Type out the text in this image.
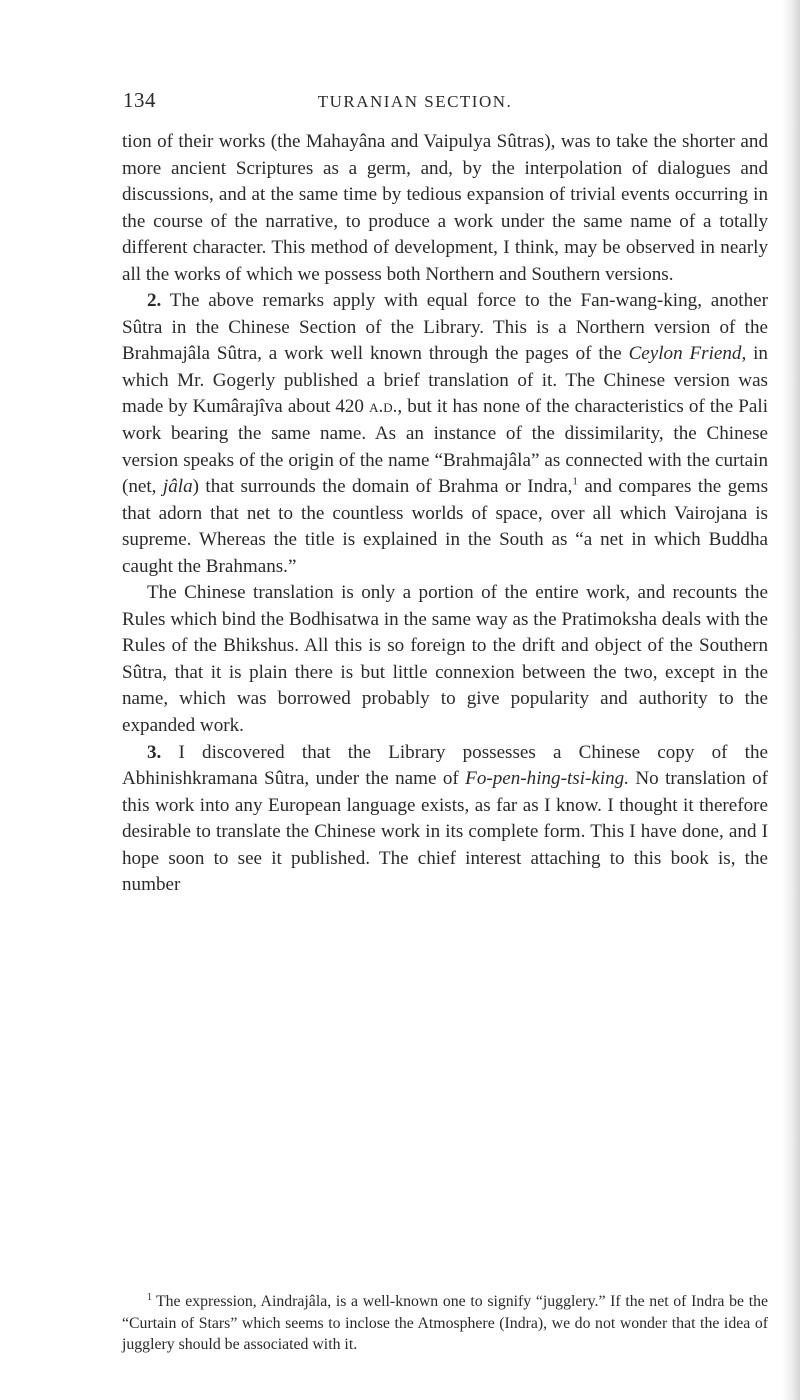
134	TURANIAN SECTION.

tion of their works (the Mahayâna and Vaipulya Sûtras), was to take the shorter and more ancient Scriptures as a germ, and, by the interpolation of dialogues and discussions, and at the same time by tedious expansion of trivial events occurring in the course of the narrative, to produce a work under the same name of a totally different character. This method of development, I think, may be observed in nearly all the works of which we possess both Northern and Southern versions.

2. The above remarks apply with equal force to the Fan-wang-king, another Sûtra in the Chinese Section of the Library. This is a Northern version of the Brahmajâla Sûtra, a work well known through the pages of the Ceylon Friend, in which Mr. Gogerly published a brief translation of it. The Chinese version was made by Kumârajîva about 420 a.d., but it has none of the characteristics of the Pali work bearing the same name. As an instance of the dissimilarity, the Chinese version speaks of the origin of the name “Brahmajâla” as connected with the curtain (net, jâla) that surrounds the domain of Brahma or Indra,$^1$ and compares the gems that adorn that net to the countless worlds of space, over all which Vairojana is supreme. Whereas the title is explained in the South as “a net in which Buddha caught the Brahmans.”

The Chinese translation is only a portion of the entire work, and recounts the Rules which bind the Bodhisatwa in the same way as the Pratimoksha deals with the Rules of the Bhikshus. All this is so foreign to the drift and object of the Southern Sûtra, that it is plain there is but little connexion between the two, except in the name, which was borrowed probably to give popularity and authority to the expanded work.

3. I discovered that the Library possesses a Chinese copy of the Abhinishkramana Sûtra, under the name of Fo-pen-hing-tsi-king. No translation of this work into any European language exists, as far as I know. I thought it therefore desirable to translate the Chinese work in its complete form. This I have done, and I hope soon to see it published. The chief interest attaching to this book is, the number

$^1$ The expression, Aindrajâla, is a well-known one to signify “jugglery.” If the net of Indra be the “Curtain of Stars” which seems to inclose the Atmosphere (Indra), we do not wonder that the idea of jugglery should be associated with it.
